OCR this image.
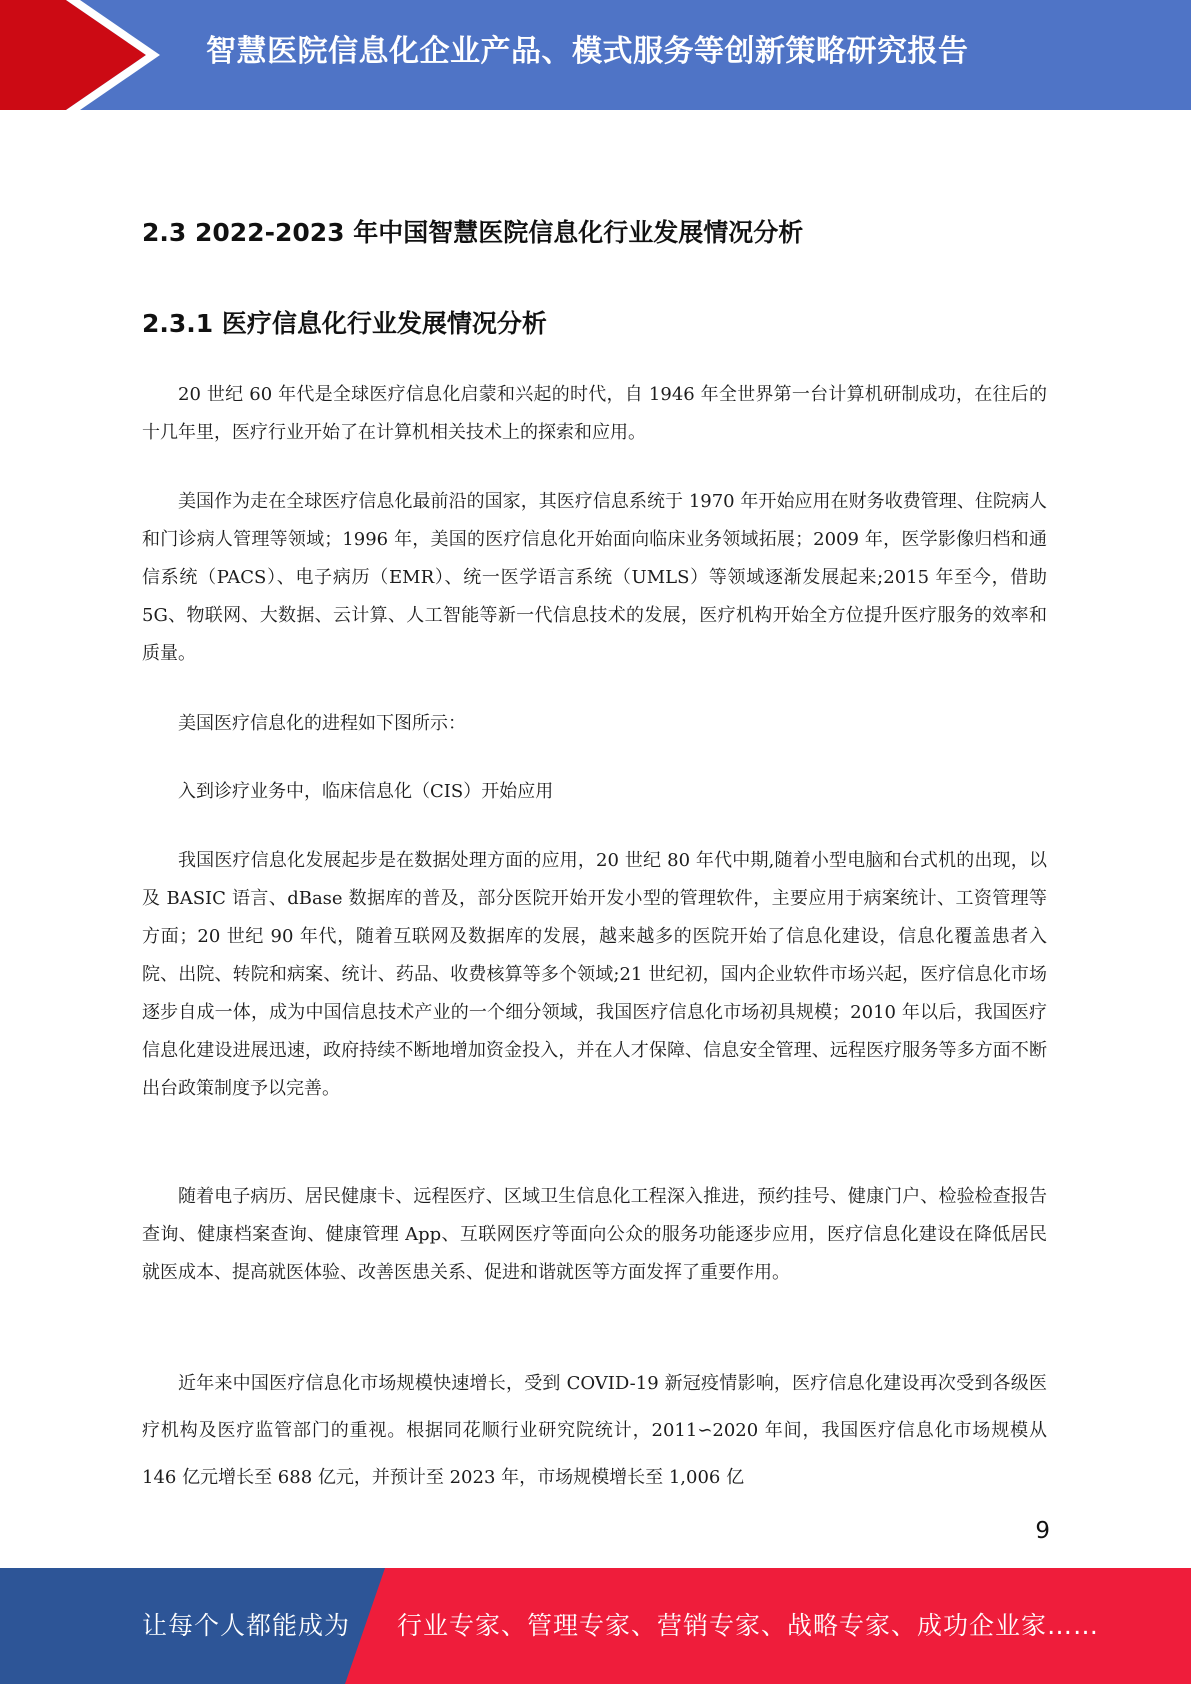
智慧医院信息化企业产品、模式服务等创新策略研究报告
2.3 2022-2023 年中国智慧医院信息化行业发展情况分析
2.3.1 医疗信息化行业发展情况分析

20 世纪 60 年代是全球医疗信息化启蒙和兴起的时代，自 1946 年全世界第一台计算机研制成功，在往后的十几年里，医疗行业开始了在计算机相关技术上的探索和应用。

美国作为走在全球医疗信息化最前沿的国家，其医疗信息系统于 1970 年开始应用在财务收费管理、住院病人和门诊病人管理等领域；1996 年，美国的医疗信息化开始面向临床业务领域拓展；2009 年，医学影像归档和通信系统（PACS）、电子病历（EMR）、统一医学语言系统（UMLS）等领域逐渐发展起来;2015 年至今，借助 5G、物联网、大数据、云计算、人工智能等新一代信息技术的发展，医疗机构开始全方位提升医疗服务的效率和质量。

美国医疗信息化的进程如下图所示：

入到诊疗业务中，临床信息化（CIS）开始应用

我国医疗信息化发展起步是在数据处理方面的应用，20 世纪 80 年代中期,随着小型电脑和台式机的出现，以及 BASIC 语言、dBase 数据库的普及，部分医院开始开发小型的管理软件，主要应用于病案统计、工资管理等方面；20 世纪 90 年代，随着互联网及数据库的发展，越来越多的医院开始了信息化建设，信息化覆盖患者入院、出院、转院和病案、统计、药品、收费核算等多个领域;21 世纪初，国内企业软件市场兴起，医疗信息化市场逐步自成一体，成为中国信息技术产业的一个细分领域，我国医疗信息化市场初具规模；2010 年以后，我国医疗信息化建设进展迅速，政府持续不断地增加资金投入，并在人才保障、信息安全管理、远程医疗服务等多方面不断出台政策制度予以完善。

随着电子病历、居民健康卡、远程医疗、区域卫生信息化工程深入推进，预约挂号、健康门户、检验检查报告查询、健康档案查询、健康管理 App、互联网医疗等面向公众的服务功能逐步应用，医疗信息化建设在降低居民就医成本、提高就医体验、改善医患关系、促进和谐就医等方面发挥了重要作用。

近年来中国医疗信息化市场规模快速增长，受到 COVID-19 新冠疫情影响，医疗信息化建设再次受到各级医疗机构及医疗监管部门的重视。根据同花顺行业研究院统计，2011∽2020 年间，我国医疗信息化市场规模从 146 亿元增长至 688 亿元，并预计至 2023 年，市场规模增长至 1,006 亿

9
让每个人都能成为 行业专家、管理专家、营销专家、战略专家、成功企业家……
